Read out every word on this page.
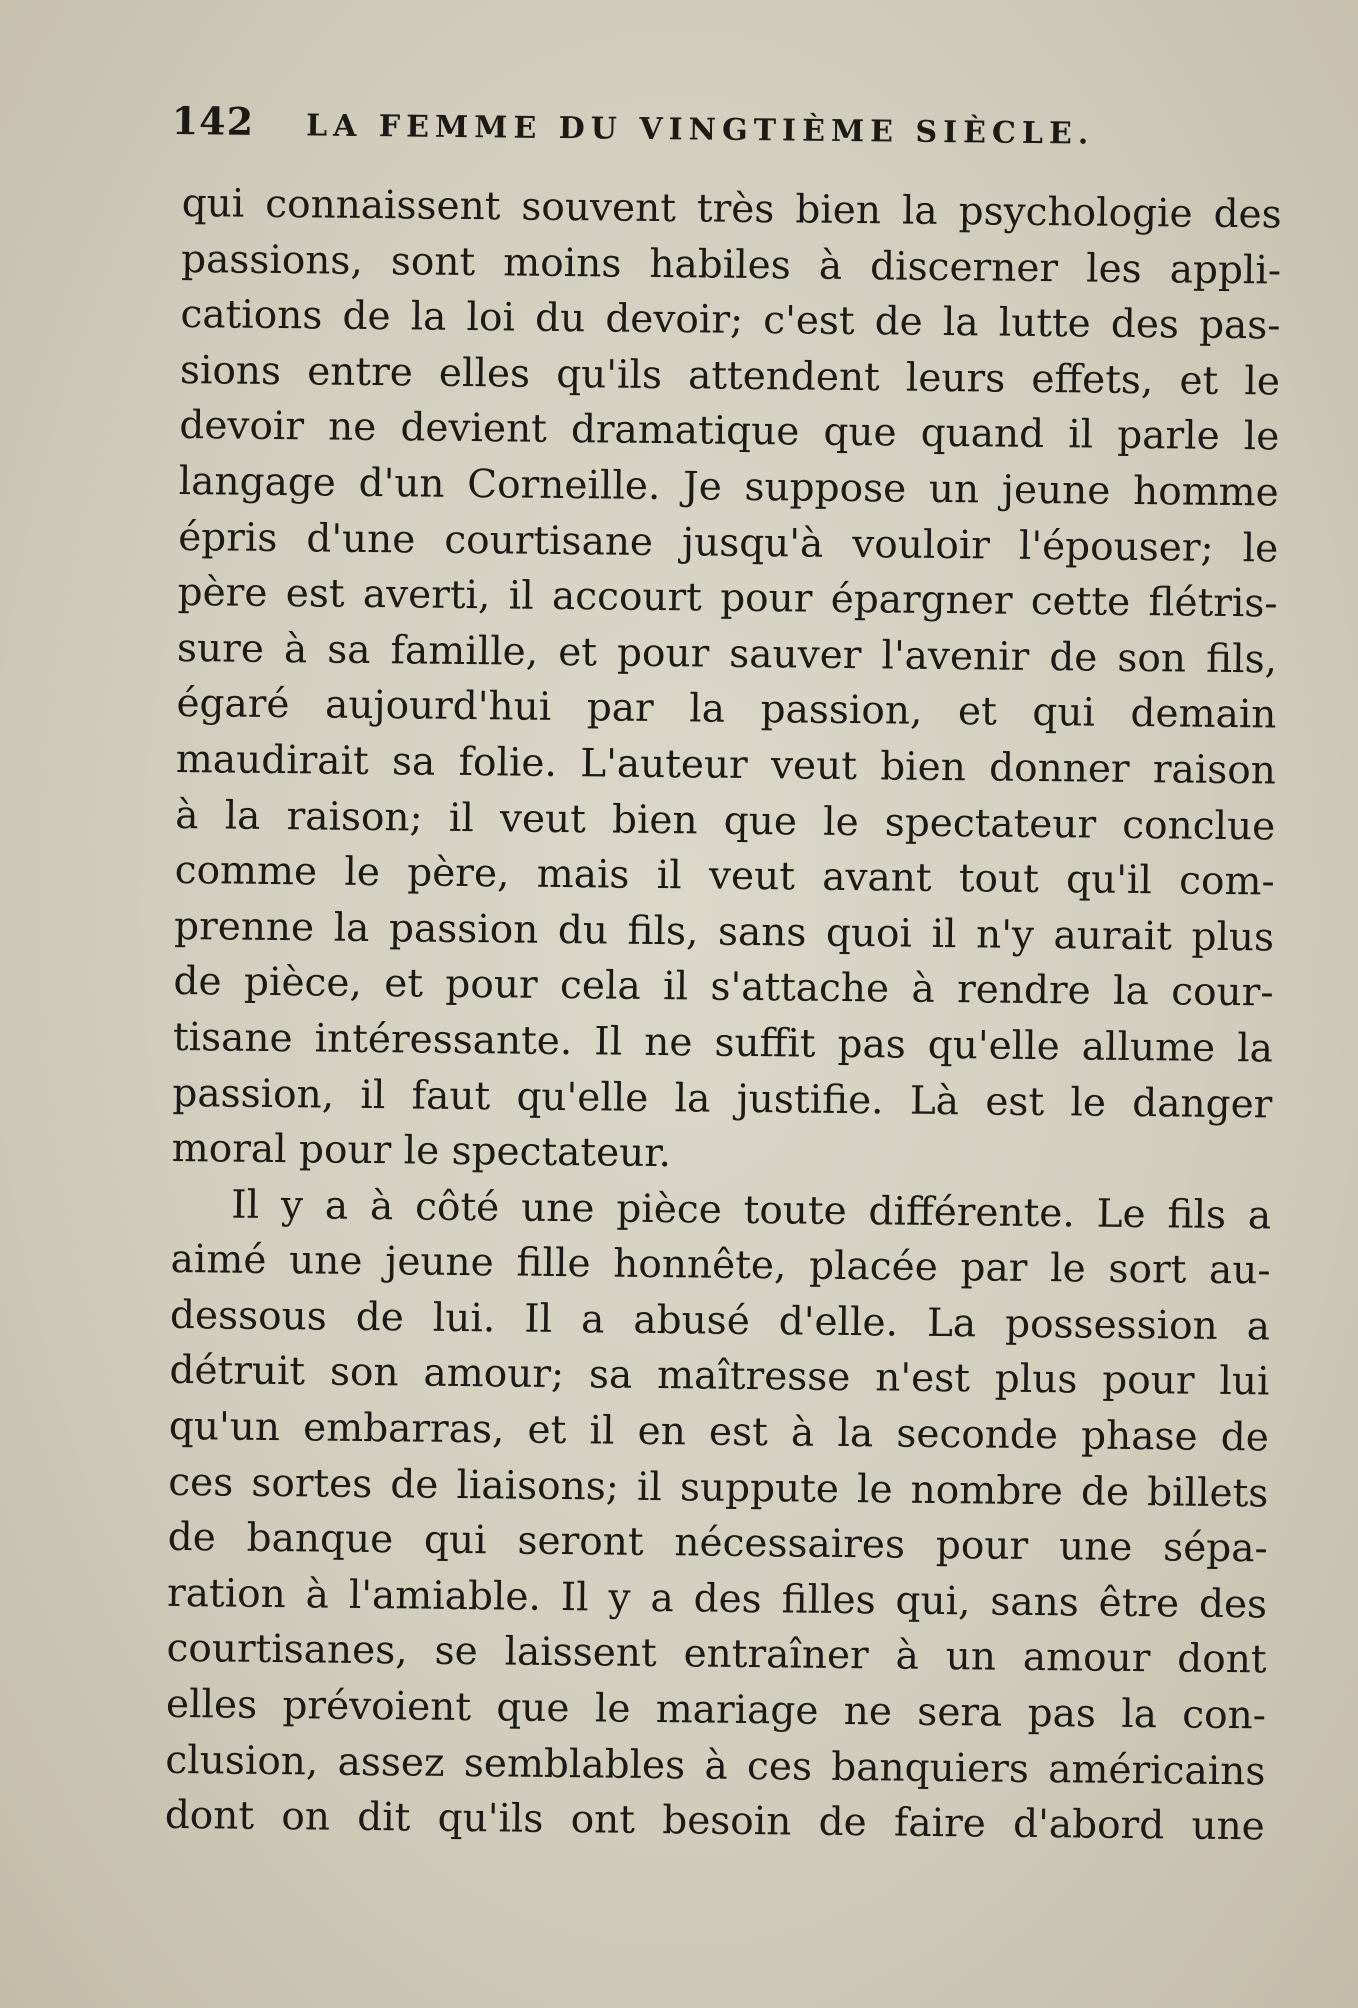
142 LA FEMME DU VINGTIÈME SIÈCLE.
qui connaissent souvent très bien la psychologie des
passions, sont moins habiles à discerner les appli-
cations de la loi du devoir; c'est de la lutte des pas-
sions entre elles qu'ils attendent leurs effets, et le
devoir ne devient dramatique que quand il parle le
langage d'un Corneille. Je suppose un jeune homme
épris d'une courtisane jusqu'à vouloir l'épouser; le
père est averti, il accourt pour épargner cette flétris-
sure à sa famille, et pour sauver l'avenir de son fils,
égaré aujourd'hui par la passion, et qui demain
maudirait sa folie. L'auteur veut bien donner raison
à la raison; il veut bien que le spectateur conclue
comme le père, mais il veut avant tout qu'il com-
prenne la passion du fils, sans quoi il n'y aurait plus
de pièce, et pour cela il s'attache à rendre la cour-
tisane intéressante. Il ne suffit pas qu'elle allume la
passion, il faut qu'elle la justifie. Là est le danger
moral pour le spectateur.
Il y a à côté une pièce toute différente. Le fils a
aimé une jeune fille honnête, placée par le sort au-
dessous de lui. Il a abusé d'elle. La possession a
détruit son amour; sa maîtresse n'est plus pour lui
qu'un embarras, et il en est à la seconde phase de
ces sortes de liaisons; il suppute le nombre de billets
de banque qui seront nécessaires pour une sépa-
ration à l'amiable. Il y a des filles qui, sans être des
courtisanes, se laissent entraîner à un amour dont
elles prévoient que le mariage ne sera pas la con-
clusion, assez semblables à ces banquiers américains
dont on dit qu'ils ont besoin de faire d'abord une
